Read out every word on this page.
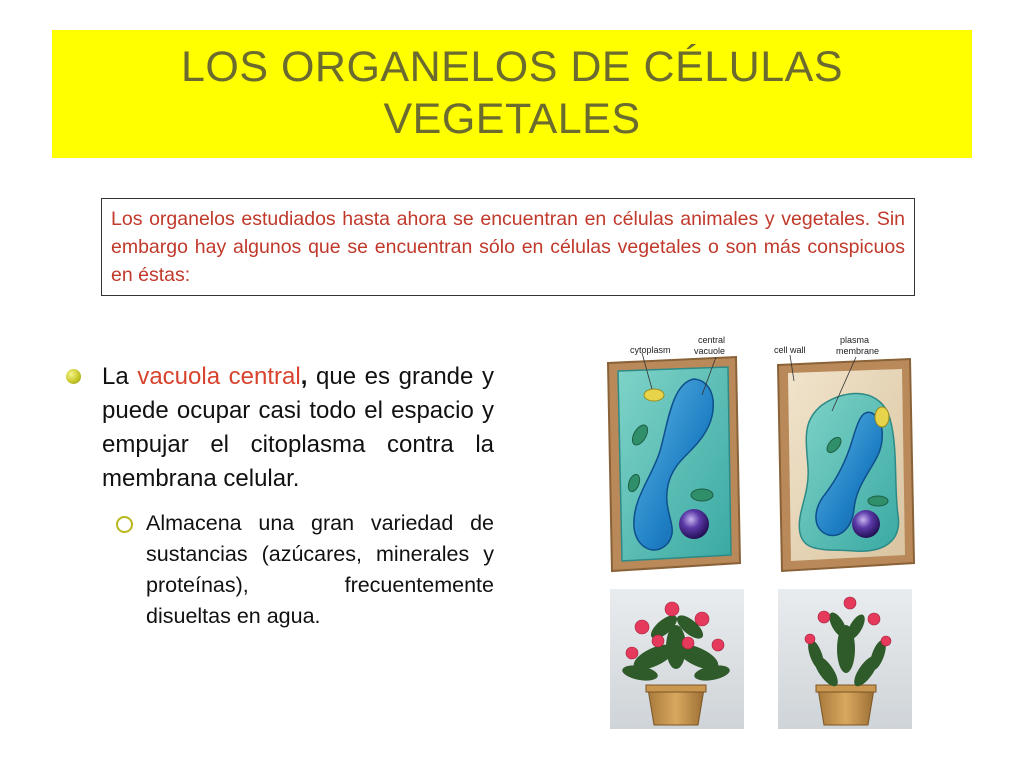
LOS ORGANELOS DE CÉLULAS
VEGETALES
Los organelos estudiados hasta ahora se encuentran en células animales y vegetales. Sin embargo hay algunos que se encuentran sólo en células vegetales o son más conspicuos en éstas:
La vacuola central, que es grande y puede ocupar casi todo el espacio y empujar el citoplasma contra la membrana celular.
Almacena una gran variedad de sustancias (azúcares, minerales y proteínas), frecuentemente disueltas en agua.
cytoplasm
central
vacuole	cell wall
plasma
membrane
